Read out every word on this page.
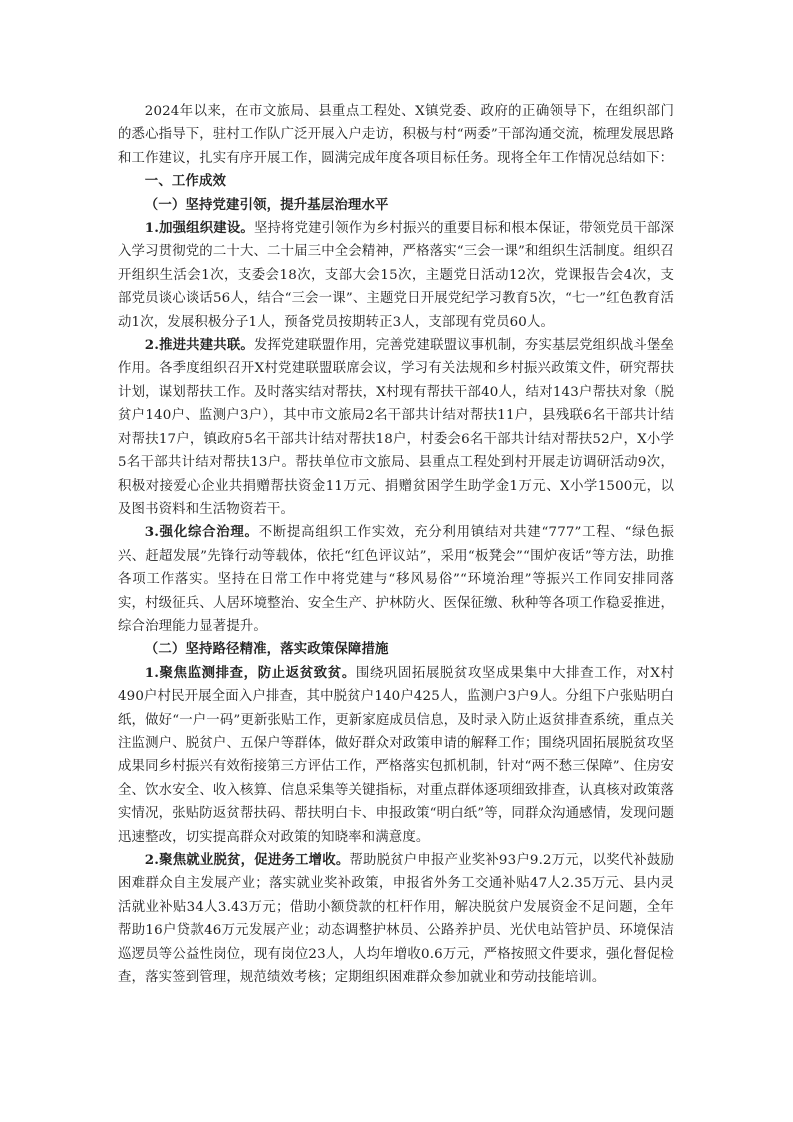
2024年以来，在市文旅局、县重点工程处、X镇党委、政府的正确领导下，在组织部门的悉心指导下，驻村工作队广泛开展入户走访，积极与村“两委”干部沟通交流，梳理发展思路和工作建议，扎实有序开展工作，圆满完成年度各项目标任务。现将全年工作情况总结如下：

一、工作成效

（一）坚持党建引领，提升基层治理水平

1.加强组织建设。坚持将党建引领作为乡村振兴的重要目标和根本保证，带领党员干部深入学习贯彻党的二十大、二十届三中全会精神，严格落实“三会一课”和组织生活制度。组织召开组织生活会1次，支委会18次，支部大会15次，主题党日活动12次，党课报告会4次，支部党员谈心谈话56人，结合“三会一课”、主题党日开展党纪学习教育5次，“七一”红色教育活动1次，发展积极分子1人，预备党员按期转正3人，支部现有党员60人。

2.推进共建共联。发挥党建联盟作用，完善党建联盟议事机制，夯实基层党组织战斗堡垒作用。各季度组织召开X村党建联盟联席会议，学习有关法规和乡村振兴政策文件，研究帮扶计划，谋划帮扶工作。及时落实结对帮扶，X村现有帮扶干部40人，结对143户帮扶对象（脱贫户140户、监测户3户），其中市文旅局2名干部共计结对帮扶11户，县残联6名干部共计结对帮扶17户，镇政府5名干部共计结对帮扶18户，村委会6名干部共计结对帮扶52户，X小学5名干部共计结对帮扶13户。帮扶单位市文旅局、县重点工程处到村开展走访调研活动9次，积极对接爱心企业共捐赠帮扶资金11万元、捐赠贫困学生助学金1万元、X小学1500元，以及图书资料和生活物资若干。

3.强化综合治理。不断提高组织工作实效，充分利用镇结对共建“777”工程、“绿色振兴、赶超发展”先锋行动等载体，依托“红色评议站”，采用“板凳会”“围炉夜话”等方法，助推各项工作落实。坚持在日常工作中将党建与“移风易俗”“环境治理”等振兴工作同安排同落实，村级征兵、人居环境整治、安全生产、护林防火、医保征缴、秋种等各项工作稳妥推进，综合治理能力显著提升。

（二）坚持路径精准，落实政策保障措施

1.聚焦监测排查，防止返贫致贫。围绕巩固拓展脱贫攻坚成果集中大排查工作，对X村490户村民开展全面入户排查，其中脱贫户140户425人，监测户3户9人。分组下户张贴明白纸，做好“一户一码”更新张贴工作，更新家庭成员信息，及时录入防止返贫排查系统，重点关注监测户、脱贫户、五保户等群体，做好群众对政策申请的解释工作；围绕巩固拓展脱贫攻坚成果同乡村振兴有效衔接第三方评估工作，严格落实包抓机制，针对“两不愁三保障”、住房安全、饮水安全、收入核算、信息采集等关键指标，对重点群体逐项细致排查，认真核对政策落实情况，张贴防返贫帮扶码、帮扶明白卡、申报政策“明白纸”等，同群众沟通感情，发现问题迅速整改，切实提高群众对政策的知晓率和满意度。

2.聚焦就业脱贫，促进务工增收。帮助脱贫户申报产业奖补93户9.2万元，以奖代补鼓励困难群众自主发展产业；落实就业奖补政策，申报省外务工交通补贴47人2.35万元、县内灵活就业补贴34人3.43万元；借助小额贷款的杠杆作用，解决脱贫户发展资金不足问题，全年帮助16户贷款46万元发展产业；动态调整护林员、公路养护员、光伏电站管护员、环境保洁巡逻员等公益性岗位，现有岗位23人，人均年增收0.6万元，严格按照文件要求，强化督促检查，落实签到管理，规范绩效考核；定期组织困难群众参加就业和劳动技能培训。
